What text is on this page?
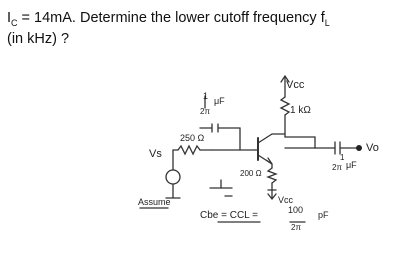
$I_C = 14mA$. Determine the lower cutoff frequency $f_L$
(in kHz) ?
Vcc
1 kΩ
1 μF
2π
250 Ω
Vs
200 Ω
Vcc
Vo
1
2π μF
Assume
Cbe = CCL =	100
2π
pF
